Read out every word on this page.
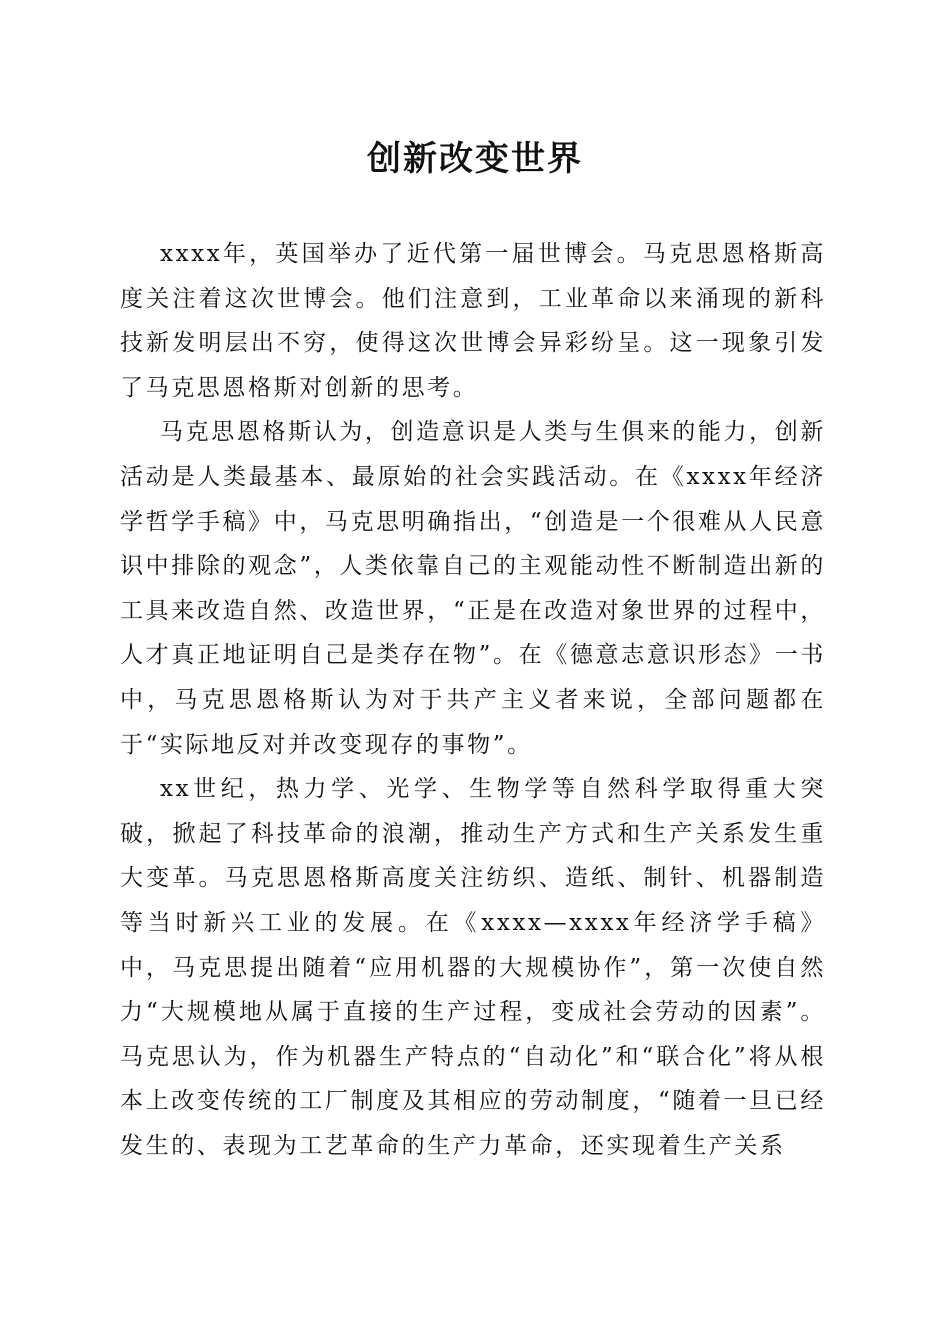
创新改变世界

xxxx年，英国举办了近代第一届世博会。马克思恩格斯高度关注着这次世博会。他们注意到，工业革命以来涌现的新科技新发明层出不穷，使得这次世博会异彩纷呈。这一现象引发了马克思恩格斯对创新的思考。

马克思恩格斯认为，创造意识是人类与生俱来的能力，创新活动是人类最基本、最原始的社会实践活动。在《xxxx年经济学哲学手稿》中，马克思明确指出，“创造是一个很难从人民意识中排除的观念”，人类依靠自己的主观能动性不断制造出新的工具来改造自然、改造世界，“正是在改造对象世界的过程中，人才真正地证明自己是类存在物”。在《德意志意识形态》一书中，马克思恩格斯认为对于共产主义者来说，全部问题都在于“实际地反对并改变现存的事物”。

xx世纪，热力学、光学、生物学等自然科学取得重大突破，掀起了科技革命的浪潮，推动生产方式和生产关系发生重大变革。马克思恩格斯高度关注纺织、造纸、制针、机器制造等当时新兴工业的发展。在《xxxx—xxxx年经济学手稿》中，马克思提出随着“应用机器的大规模协作”，第一次使自然力“大规模地从属于直接的生产过程，变成社会劳动的因素”。马克思认为，作为机器生产特点的“自动化”和“联合化”将从根本上改变传统的工厂制度及其相应的劳动制度，“随着一旦已经发生的、表现为工艺革命的生产力革命，还实现着生产关系
